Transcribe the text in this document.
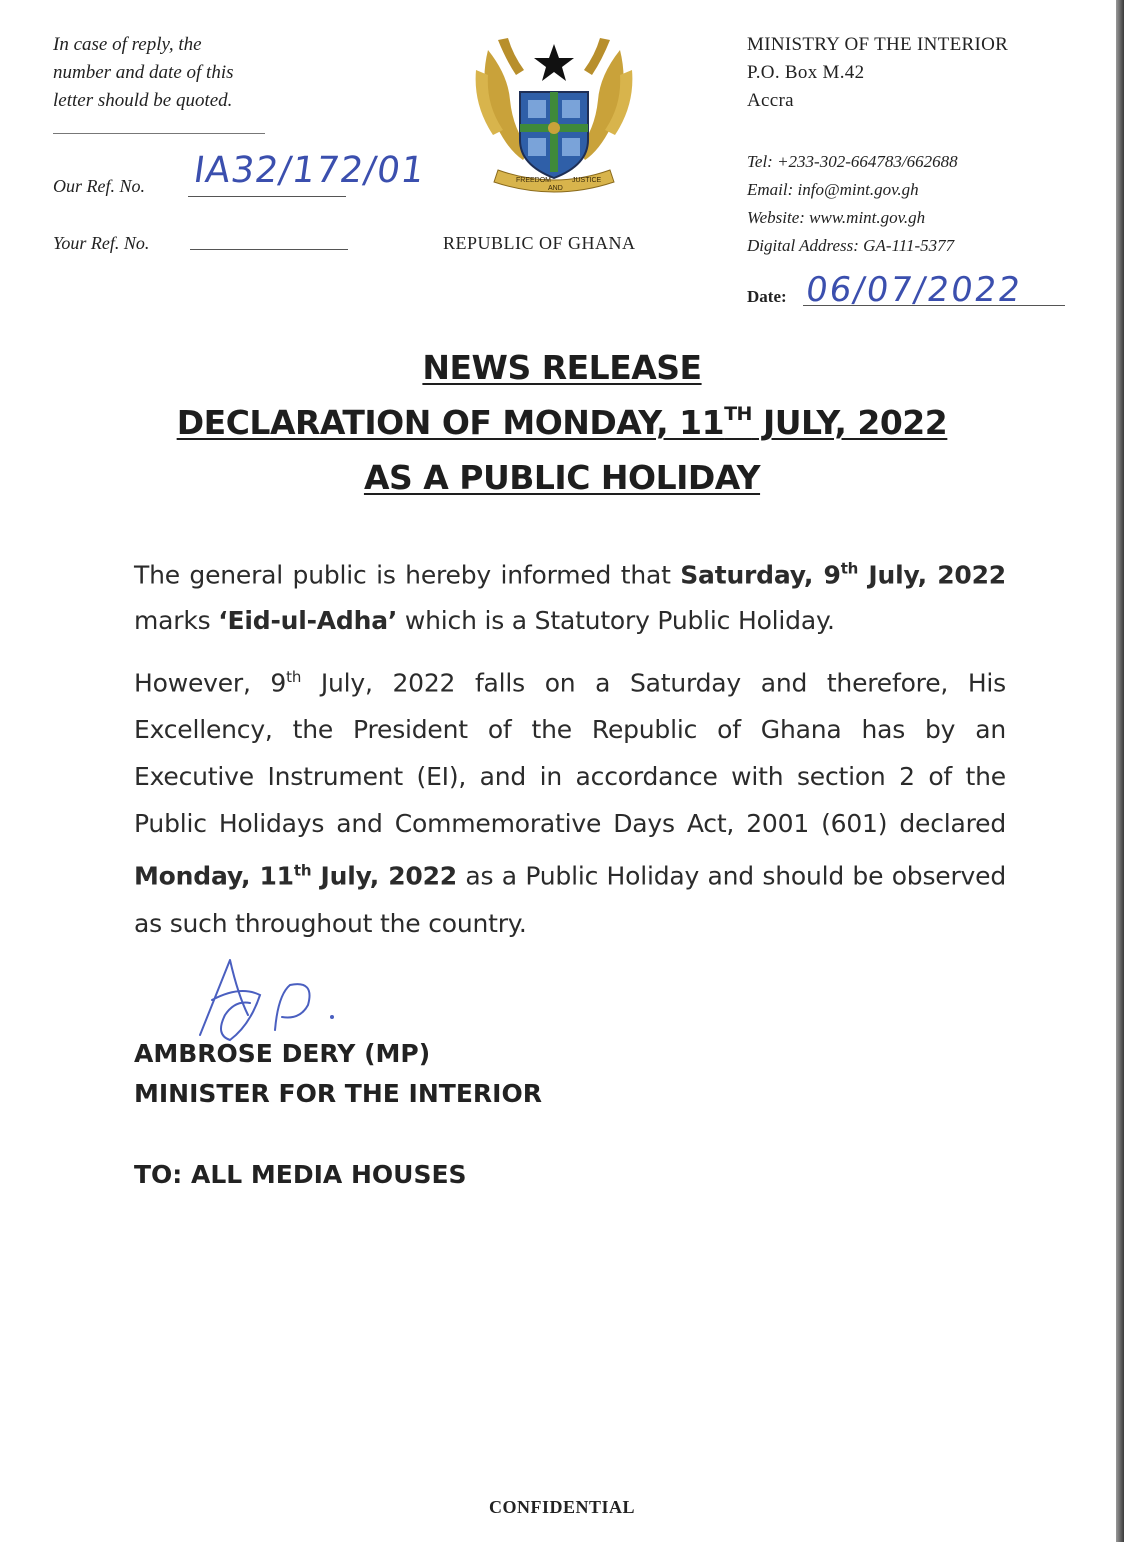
In case of reply, the
number and date of this
letter should be quoted.
Our Ref. No. IA32/172/01
Your Ref. No.
FREEDOM
AND
JUSTICE
REPUBLIC OF GHANA
MINISTRY OF THE INTERIOR
P.O. Box M.42
Accra
Tel: +233-302-664783/662688
Email: info@mint.gov.gh
Website: www.mint.gov.gh
Digital Address: GA-111-5377
Date: 06/07/2022
NEWS RELEASE
DECLARATION OF MONDAY, 11TH JULY, 2022
AS A PUBLIC HOLIDAY
The general public is hereby informed that Saturday, 9th July, 2022 marks ‘Eid-ul-Adha’ which is a Statutory Public Holiday.
However, 9th July, 2022 falls on a Saturday and therefore, His Excellency, the President of the Republic of Ghana has by an Executive Instrument (EI), and in accordance with section 2 of the Public Holidays and Commemorative Days Act, 2001 (601) declared Monday, 11th July, 2022 as a Public Holiday and should be observed as such throughout the country.
AMBROSE DERY (MP)
MINISTER FOR THE INTERIOR
TO: ALL MEDIA HOUSES
CONFIDENTIAL
